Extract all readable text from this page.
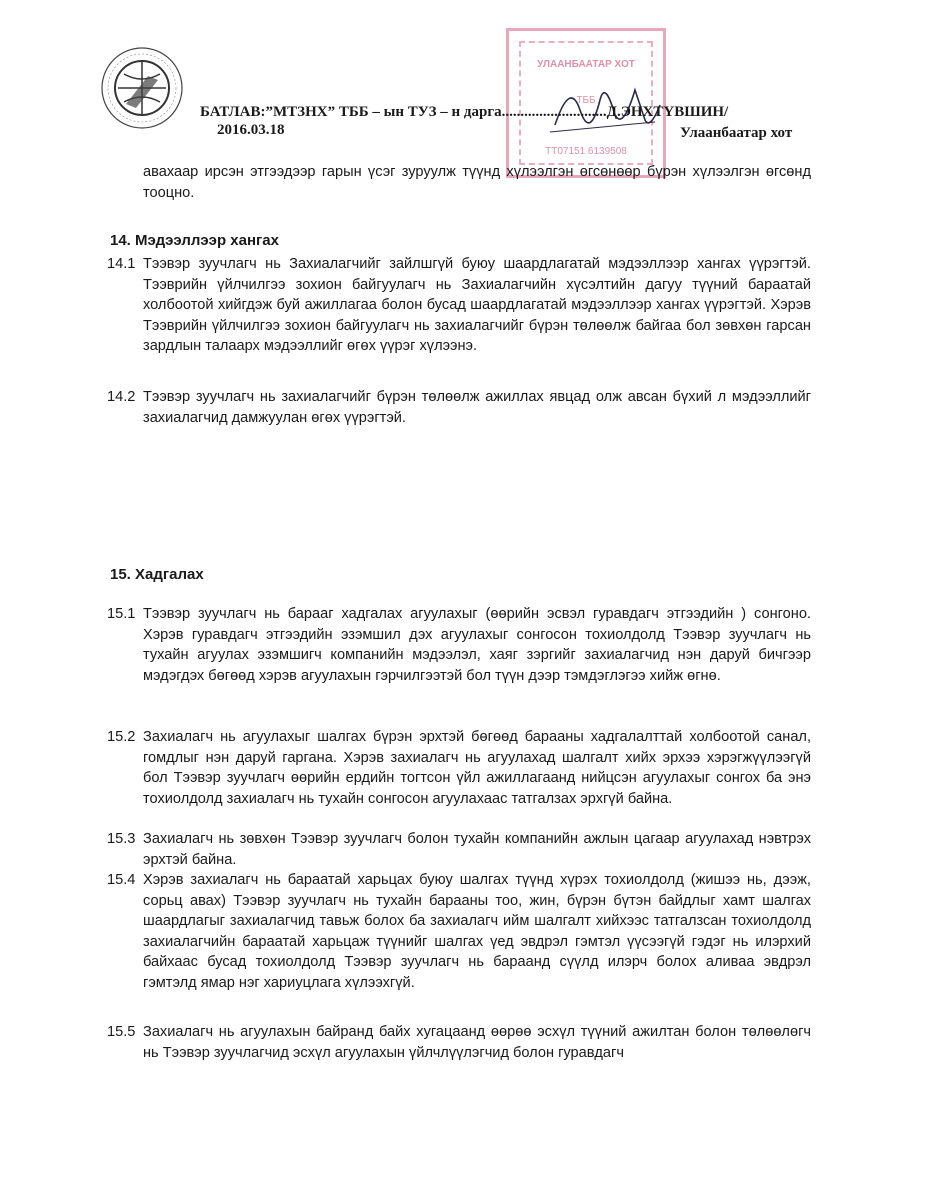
УЛААНБААТАР ХОТ
ТББ
ТТ07151 6139508
БАТЛАВ:”МТЗНХ” ТББ – ын ТУЗ – н дарга............................Д.ЭНХТҮВШИН/
2016.03.18	Улаанбаатар хот
авахаар ирсэн этгээдээр гарын үсэг зуруулж түүнд хүлээлгэн өгсөнөөр бүрэн хүлээлгэн өгсөнд тооцно.
14. Мэдээллээр хангах
14.1 Тээвэр зуучлагч нь Захиалагчийг зайлшгүй буюу шаардлагатай мэдээллээр хангах үүрэгтэй. Тээврийн үйлчилгээ зохион байгуулагч нь Захиалагчийн хүсэлтийн дагуу түүний бараатай холбоотой хийгдэж буй ажиллагаа болон бусад шаардлагатай мэдээллээр хангах үүрэгтэй. Хэрэв Тээврийн үйлчилгээ зохион байгуулагч нь захиалагчийг бүрэн төлөөлж байгаа бол зөвхөн гарсан зардлын талаарх мэдээллийг өгөх үүрэг хүлээнэ.
14.2 Тээвэр зуучлагч нь захиалагчийг бүрэн төлөөлж ажиллах явцад олж авсан бүхий л мэдээллийг захиалагчид дамжуулан өгөх үүрэгтэй.
15. Хадгалах
15.1 Тээвэр зуучлагч нь барааг хадгалах агуулахыг (өөрийн эсвэл гуравдагч этгээдийн ) сонгоно. Хэрэв гуравдагч этгээдийн эзэмшил дэх агуулахыг сонгосон тохиолдолд Тээвэр зуучлагч нь тухайн агуулах эзэмшигч компанийн мэдээлэл, хаяг зэргийг захиалагчид нэн даруй бичгээр мэдэгдэх бөгөөд хэрэв агуулахын гэрчилгээтэй бол түүн дээр тэмдэглэгээ хийж өгнө.
15.2 Захиалагч нь агуулахыг шалгах бүрэн эрхтэй бөгөөд барааны хадгалалттай холбоотой санал, гомдлыг нэн даруй гаргана. Хэрэв захиалагч нь агуулахад шалгалт хийх эрхээ хэрэгжүүлээгүй бол Тээвэр зуучлагч өөрийн ердийн тогтсон үйл ажиллагаанд нийцсэн агуулахыг сонгох ба энэ тохиолдолд захиалагч нь тухайн сонгосон агуулахаас татгалзах эрхгүй байна.
15.3 Захиалагч нь зөвхөн Тээвэр зуучлагч болон тухайн компанийн ажлын цагаар агуулахад нэвтрэх эрхтэй байна.
15.4 Хэрэв захиалагч нь бараатай харьцах буюу шалгах түүнд хүрэх тохиолдолд (жишээ нь, дээж, сорьц авах) Тээвэр зуучлагч нь тухайн барааны тоо, жин, бүрэн бүтэн байдлыг хамт шалгах шаардлагыг захиалагчид тавьж болох ба захиалагч ийм шалгалт хийхээс татгалзсан тохиолдолд захиалагчийн бараатай харьцаж түүнийг шалгах үед эвдрэл гэмтэл үүсээгүй гэдэг нь илэрхий байхаас бусад тохиолдолд Тээвэр зуучлагч нь бараанд сүүлд илэрч болох аливаа эвдрэл гэмтэлд ямар нэг хариуцлага хүлээхгүй.
15.5 Захиалагч нь агуулахын байранд байх хугацаанд өөрөө эсхүл түүний ажилтан болон төлөөлөгч нь Тээвэр зуучлагчид эсхүл агуулахын үйлчлүүлэгчид болон гуравдагч
